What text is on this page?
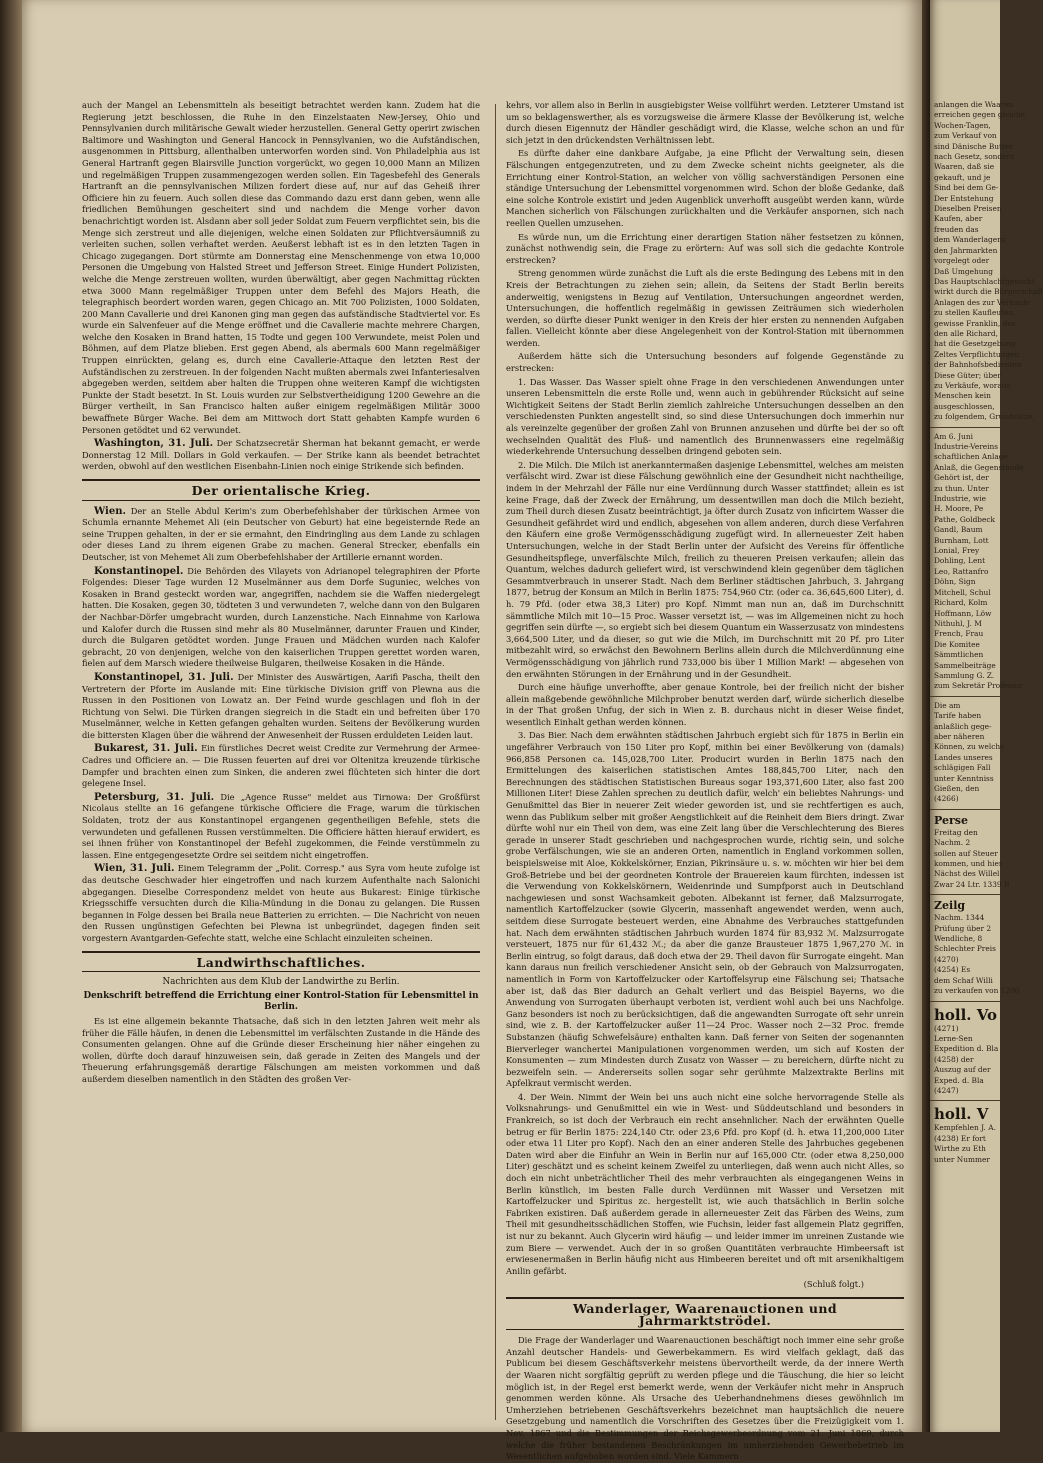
auch der Mangel an Lebensmitteln als beseitigt betrachtet werden kann. Zudem hat die Regierung jetzt beschlossen, die Ruhe in den Einzelstaaten New-Jersey, Ohio und Pennsylvanien durch militärische Gewalt wieder herzustellen. General Getty operirt zwischen Baltimore und Washington und General Hancock in Pennsylvanien, wo die Aufständischen, ausgenommen in Pittsburg, allenthalben unterworfen worden sind. Von Philadelphia aus ist General Hartranft gegen Blairsville Junction vorgerückt, wo gegen 10,000 Mann an Milizen und regelmäßigen Truppen zusammengezogen werden sollen. Ein Tagesbefehl des Generals Hartranft an die pennsylvanischen Milizen fordert diese auf, nur auf das Geheiß ihrer Officiere hin zu feuern. Auch sollen diese das Commando dazu erst dann geben, wenn alle friedlichen Bemühungen gescheitert sind und nachdem die Menge vorher davon benachrichtigt worden ist. Alsdann aber soll jeder Soldat zum Feuern verpflichtet sein, bis die Menge sich zerstreut und alle diejenigen, welche einen Soldaten zur Pflichtversäumniß zu verleiten suchen, sollen verhaftet werden. Aeußerst lebhaft ist es in den letzten Tagen in Chicago zugegangen. Dort stürmte am Donnerstag eine Menschenmenge von etwa 10,000 Personen die Umgebung von Halsted Street und Jefferson Street. Einige Hundert Polizisten, welche die Menge zerstreuen wollten, wurden überwältigt, aber gegen Nachmittag rückten etwa 3000 Mann regelmäßiger Truppen unter dem Befehl des Majors Heath, die telegraphisch beordert worden waren, gegen Chicago an. Mit 700 Polizisten, 1000 Soldaten, 200 Mann Cavallerie und drei Kanonen ging man gegen das aufständische Stadtviertel vor. Es wurde ein Salvenfeuer auf die Menge eröffnet und die Cavallerie machte mehrere Chargen, welche den Kosaken in Brand hatten, 15 Todte und gegen 100 Verwundete, meist Polen und Böhmen, auf dem Platze blieben. Erst gegen Abend, als abermals 600 Mann regelmäßiger Truppen einrückten, gelang es, durch eine Cavallerie-Attaque den letzten Rest der Aufständischen zu zerstreuen. In der folgenden Nacht mußten abermals zwei Infanteriesalven abgegeben werden, seitdem aber halten die Truppen ohne weiteren Kampf die wichtigsten Punkte der Stadt besetzt. In St. Louis wurden zur Selbstvertheidigung 1200 Gewehre an die Bürger vertheilt, in San Francisco halten außer einigem regelmäßigen Militär 3000 bewaffnete Bürger Wache. Bei dem am Mittwoch dort Statt gehabten Kampfe wurden 6 Personen getödtet und 62 verwundet.

Washington, 31. Juli. Der Schatzsecretär Sherman hat bekannt gemacht, er werde Donnerstag 12 Mill. Dollars in Gold verkaufen. — Der Strike kann als beendet betrachtet werden, obwohl auf den westlichen Eisenbahn-Linien noch einige Strikende sich befinden.

Der orientalische Krieg.

Wien. Der an Stelle Abdul Kerim's zum Oberbefehlshaber der türkischen Armee von Schumla ernannte Mehemet Ali (ein Deutscher von Geburt) hat eine begeisternde Rede an seine Truppen gehalten, in der er sie ermahnt, den Eindringling aus dem Lande zu schlagen oder dieses Land zu ihrem eigenen Grabe zu machen. General Strecker, ebenfalls ein Deutscher, ist von Mehemet Ali zum Oberbefehlshaber der Artillerie ernannt worden.

Konstantinopel. Die Behörden des Vilayets von Adrianopel telegraphiren der Pforte Folgendes: Dieser Tage wurden 12 Muselmänner aus dem Dorfe Suguniec, welches von Kosaken in Brand gesteckt worden war, angegriffen, nachdem sie die Waffen niedergelegt hatten. Die Kosaken, gegen 30, tödteten 3 und verwundeten 7, welche dann von den Bulgaren der Nachbar-Dörfer umgebracht wurden, durch Lanzenstiche. Nach Einnahme von Karlowa und Kalofer durch die Russen sind mehr als 80 Muselmänner, darunter Frauen und Kinder, durch die Bulgaren getödtet worden. Junge Frauen und Mädchen wurden nach Kalofer gebracht, 20 von denjenigen, welche von den kaiserlichen Truppen gerettet worden waren, fielen auf dem Marsch wiedere theilweise Bulgaren, theilweise Kosaken in die Hände.

Konstantinopel, 31. Juli. Der Minister des Auswärtigen, Aarifi Pascha, theilt den Vertretern der Pforte im Auslande mit: Eine türkische Division griff von Plewna aus die Russen in den Positionen von Lowatz an. Der Feind wurde geschlagen und floh in der Richtung von Selwi. Die Türken drangen siegreich in die Stadt ein und befreiten über 170 Muselmänner, welche in Ketten gefangen gehalten wurden. Seitens der Bevölkerung wurden die bittersten Klagen über die während der Anwesenheit der Russen erduldeten Leiden laut.

Bukarest, 31. Juli. Ein fürstliches Decret weist Credite zur Vermehrung der Armee-Cadres und Officiere an. — Die Russen feuerten auf drei vor Oltenitza kreuzende türkische Dampfer und brachten einen zum Sinken, die anderen zwei flüchteten sich hinter die dort gelegene Insel.

Petersburg, 31. Juli. Die „Agence Russe" meldet aus Tirnowa: Der Großfürst Nicolaus stellte an 16 gefangene türkische Officiere die Frage, warum die türkischen Soldaten, trotz der aus Konstantinopel ergangenen gegentheiligen Befehle, stets die verwundeten und gefallenen Russen verstümmelten. Die Officiere hätten hierauf erwidert, es sei ihnen früher von Konstantinopel der Befehl zugekommen, die Feinde verstümmeln zu lassen. Eine entgegengesetzte Ordre sei seitdem nicht eingetroffen.

Wien, 31. Juli. Einem Telegramm der „Polit. Corresp." aus Syra vom heute zufolge ist das deutsche Geschwader hier eingetroffen und nach kurzem Aufenthalte nach Salonichi abgegangen. Dieselbe Correspondenz meldet von heute aus Bukarest: Einige türkische Kriegsschiffe versuchten durch die Kilia-Mündung in die Donau zu gelangen. Die Russen begannen in Folge dessen bei Braila neue Batterien zu errichten. — Die Nachricht von neuen den Russen ungünstigen Gefechten bei Plewna ist unbegründet, dagegen finden seit vorgestern Avantgarden-Gefechte statt, welche eine Schlacht einzuleiten scheinen.

Landwirthschaftliches.
Nachrichten aus dem Klub der Landwirthe zu Berlin.
Denkschrift betreffend die Errichtung einer Kontrol-Station für Lebensmittel in Berlin.

Es ist eine allgemein bekannte Thatsache, daß sich in den letzten Jahren weit mehr als früher die Fälle häufen, in denen die Lebensmittel im verfälschten Zustande in die Hände des Consumenten gelangen. Ohne auf die Gründe dieser Erscheinung hier näher eingehen zu wollen, dürfte doch darauf hinzuweisen sein, daß gerade in Zeiten des Mangels und der Theuerung erfahrungsgemäß derartige Fälschungen am meisten vorkommen und daß außerdem dieselben namentlich in den Städten des großen Ver-

kehrs, vor allem also in Berlin in ausgiebigster Weise vollführt werden. Letzterer Umstand ist um so beklagenswerther, als es vorzugsweise die ärmere Klasse der Bevölkerung ist, welche durch diesen Eigennutz der Händler geschädigt wird, die Klasse, welche schon an und für sich jetzt in den drückendsten Verhältnissen lebt.

Es dürfte daher eine dankbare Aufgabe, ja eine Pflicht der Verwaltung sein, diesen Fälschungen entgegenzutreten, und zu dem Zwecke scheint nichts geeigneter, als die Errichtung einer Kontrol-Station, an welcher von völlig sachverständigen Personen eine ständige Untersuchung der Lebensmittel vorgenommen wird. Schon der bloße Gedanke, daß eine solche Kontrole existirt und jeden Augenblick unverhofft ausgeübt werden kann, würde Manchen sicherlich von Fälschungen zurückhalten und die Verkäufer anspornen, sich nach reellen Quellen umzusehen.

Es würde nun, um die Errichtung einer derartigen Station näher festsetzen zu können, zunächst nothwendig sein, die Frage zu erörtern: Auf was soll sich die gedachte Kontrole erstrecken?

Streng genommen würde zunächst die Luft als die erste Bedingung des Lebens mit in den Kreis der Betrachtungen zu ziehen sein; allein, da Seitens der Stadt Berlin bereits anderweitig, wenigstens in Bezug auf Ventilation, Untersuchungen angeordnet werden, Untersuchungen, die hoffentlich regelmäßig in gewissen Zeiträumen sich wiederholen werden, so dürfte dieser Punkt weniger in den Kreis der hier ersten zu nennenden Aufgaben fallen. Vielleicht könnte aber diese Angelegenheit von der Kontrol-Station mit übernommen werden.

Außerdem hätte sich die Untersuchung besonders auf folgende Gegenstände zu erstrecken:

1. Das Wasser. Das Wasser spielt ohne Frage in den verschiedenen Anwendungen unter unseren Lebensmitteln die erste Rolle und, wenn auch in gebührender Rücksicht auf seine Wichtigkeit Seitens der Stadt Berlin ziemlich zahlreiche Untersuchungen desselben an den verschiedensten Punkten angestellt sind, so sind diese Untersuchungen doch immerhin nur als vereinzelte gegenüber der großen Zahl von Brunnen anzusehen und dürfte bei der so oft wechselnden Qualität des Fluß- und namentlich des Brunnenwassers eine regelmäßig wiederkehrende Untersuchung desselben dringend geboten sein.

2. Die Milch. Die Milch ist anerkanntermaßen dasjenige Lebensmittel, welches am meisten verfälscht wird. Zwar ist diese Fälschung gewöhnlich eine der Gesundheit nicht nachtheilige, indem in der Mehrzahl der Fälle nur eine Verdünnung durch Wasser stattfindet; allein es ist keine Frage, daß der Zweck der Ernährung, um dessentwillen man doch die Milch bezieht, zum Theil durch diesen Zusatz beeinträchtigt, ja öfter durch Zusatz von inficirtem Wasser die Gesundheit gefährdet wird und endlich, abgesehen von allem anderen, durch diese Verfahren den Käufern eine große Vermögensschädigung zugefügt wird. In allerneuester Zeit haben Untersuchungen, welche in der Stadt Berlin unter der Aufsicht des Vereins für öffentliche Gesundheitspflege, unverfälschte Milch, freilich zu theueren Preisen verkaufen; allein das Quantum, welches dadurch geliefert wird, ist verschwindend klein gegenüber dem täglichen Gesammtverbrauch in unserer Stadt. Nach dem Berliner städtischen Jahrbuch, 3. Jahrgang 1877, betrug der Konsum an Milch in Berlin 1875: 754,960 Ctr. (oder ca. 36,645,600 Liter), d. h. 79 Pfd. (oder etwa 38,3 Liter) pro Kopf. Nimmt man nun an, daß im Durchschnitt sämmtliche Milch mit 10—15 Proc. Wasser versetzt ist, — was im Allgemeinen nicht zu hoch gegriffen sein dürfte —, so ergiebt sich bei diesem Quantum ein Wasserzusatz von mindestens 3,664,500 Liter, und da dieser, so gut wie die Milch, im Durchschnitt mit 20 Pf. pro Liter mitbezahlt wird, so erwächst den Bewohnern Berlins allein durch die Milchverdünnung eine Vermögensschädigung von jährlich rund 733,000 bis über 1 Million Mark! — abgesehen von den erwähnten Störungen in der Ernährung und in der Gesundheit.

Durch eine häufige unverhoffte, aber genaue Kontrole, bei der freilich nicht der bisher allein maßgebende gewöhnliche Milchprober benutzt werden darf, würde sicherlich dieselbe in der That großen Unfug, der sich in Wien z. B. durchaus nicht in dieser Weise findet, wesentlich Einhalt gethan werden können.

3. Das Bier. Nach dem erwähnten städtischen Jahrbuch ergiebt sich für 1875 in Berlin ein ungefährer Verbrauch von 150 Liter pro Kopf, mithin bei einer Bevölkerung von (damals) 966,858 Personen ca. 145,028,700 Liter. Producirt wurden in Berlin 1875 nach den Ermittelungen des kaiserlichen statistischen Amtes 188,845,700 Liter, nach den Berechnungen des städtischen Statistischen Bureaus sogar 193,371,600 Liter, also fast 200 Millionen Liter! Diese Zahlen sprechen zu deutlich dafür, welch' ein beliebtes Nahrungs- und Genußmittel das Bier in neuerer Zeit wieder geworden ist, und sie rechtfertigen es auch, wenn das Publikum selber mit großer Aengstlichkeit auf die Reinheit dem Biers dringt. Zwar dürfte wohl nur ein Theil von dem, was eine Zeit lang über die Verschlechterung des Bieres gerade in unserer Stadt geschrieben und nachgesprochen wurde, richtig sein, und solche grobe Verfälschungen, wie sie an anderen Orten, namentlich in England vorkommen sollen, beispielsweise mit Aloe, Kokkelskörner, Enzian, Pikrinsäure u. s. w. möchten wir hier bei dem Groß-Betriebe und bei der geordneten Kontrole der Brauereien kaum fürchten, indessen ist die Verwendung von Kokkelskörnern, Weidenrinde und Sumpfporst auch in Deutschland nachgewiesen und sonst Wachsamkeit geboten. Albekannt ist ferner, daß Malzsurrogate, namentlich Kartoffelzucker (sowie Glycerin, massenhaft angewendet werden, wenn auch, seitdem diese Surrogate besteuert werden, eine Abnahme des Verbrauches stattgefunden hat. Nach dem erwähnten städtischen Jahrbuch wurden 1874 für 83,932 ℳ. Malzsurrogate versteuert, 1875 nur für 61,432 ℳ.; da aber die ganze Brausteuer 1875 1,967,270 ℳ. in Berlin eintrug, so folgt daraus, daß doch etwa der 29. Theil davon für Surrogate eingeht. Man kann daraus nun freilich verschiedener Ansicht sein, ob der Gebrauch von Malzsurrogaten, namentlich in Form von Kartoffelzucker oder Kartoffelsyrup eine Fälschung sei; Thatsache aber ist, daß das Bier dadurch an Gehalt verliert und das Beispiel Bayerns, wo die Anwendung von Surrogaten überhaupt verboten ist, verdient wohl auch bei uns Nachfolge. Ganz besonders ist noch zu berücksichtigen, daß die angewandten Surrogate oft sehr unrein sind, wie z. B. der Kartoffelzucker außer 11—24 Proc. Wasser noch 2—32 Proc. fremde Substanzen (häufig Schwefelsäure) enthalten kann. Daß ferner von Seiten der sogenannten Bierverleger wanchertei Manipulationen vorgenommen werden, um sich auf Kosten der Konsumenten — zum Mindesten durch Zusatz von Wasser — zu bereichern, dürfte nicht zu bezweifeln sein. — Andererseits sollen sogar sehr gerühmte Malzextrakte Berlins mit Apfelkraut vermischt werden.

4. Der Wein. Nimmt der Wein bei uns auch nicht eine solche hervorragende Stelle als Volksnahrungs- und Genußmittel ein wie in West- und Süddeutschland und besonders in Frankreich, so ist doch der Verbrauch ein recht ansehnlicher. Nach der erwähnten Quelle betrug er für Berlin 1875: 224,140 Ctr. oder 23,6 Pfd. pro Kopf (d. h. etwa 11,200,000 Liter oder etwa 11 Liter pro Kopf). Nach den an einer anderen Stelle des Jahrbuches gegebenen Daten wird aber die Einfuhr an Wein in Berlin nur auf 165,000 Ctr. (oder etwa 8,250,000 Liter) geschätzt und es scheint keinem Zweifel zu unterliegen, daß wenn auch nicht Alles, so doch ein nicht unbeträchtlicher Theil des mehr verbrauchten als eingegangenen Weins in Berlin künstlich, im besten Falle durch Verdünnen mit Wasser und Versetzen mit Kartoffelzucker und Spiritus zc. hergestellt ist, wie auch thatsächlich in Berlin solche Fabriken existiren. Daß außerdem gerade in allerneuester Zeit das Färben des Weins, zum Theil mit gesundheitsschädlichen Stoffen, wie Fuchsin, leider fast allgemein Platz gegriffen, ist nur zu bekannt. Auch Glycerin wird häufig — und leider immer im unreinen Zustande wie zum Biere — verwendet. Auch der in so großen Quantitäten verbrauchte Himbeersaft ist erwiesenermaßen in Berlin häufig nicht aus Himbeeren bereitet und oft mit arsenikhaltigem Anilin gefärbt.

(Schluß folgt.)

Wanderlager, Waarenauctionen und Jahrmarktströdel.

Die Frage der Wanderlager und Waarenauctionen beschäftigt noch immer eine sehr große Anzahl deutscher Handels- und Gewerbekammern. Es wird vielfach geklagt, daß das Publicum bei diesem Geschäftsverkehr meistens übervortheilt werde, da der innere Werth der Waaren nicht sorgfältig geprüft zu werden pflege und die Täuschung, die hier so leicht möglich ist, in der Regel erst bemerkt werde, wenn der Verkäufer nicht mehr in Anspruch genommen werden könne. Als Ursache des Ueberhandnehmens dieses gewöhnlich im Umherziehen betriebenen Geschäftsverkehrs bezeichnet man hauptsächlich die neuere Gesetzgebung und namentlich die Vorschriften des Gesetzes über die Freizügigkeit vom 1. Nov. 1867 und die Bestimmungen der Reichsgewerbeordnung vom 21. Juni 1869, durch welche die früher bestandenen Beschränkungen im umherziehenden Gewerbebetrieb im Wesentlichen aufgehoben worden sind. Viele Kammern

anlangen die Waaren
erreichen gegen gleiche
Wochen-Tagen,
zum Verkauf von
sind Dänische Butter
nach Gesetz, sondern
Waaren, daß sie
gekauft, und je
Sind bei dem Ge-
Der Entstehung
Dieselben Preisen
Kaufen, aber
freuden das
dem Wanderlagern
den Jahrmarkten
vorgelegt oder
Daß Umgehung
Das Hauptschlachtgewicht
wirkt durch die Bürgerschaft
Anlagen des zur Verkaufe
zu stellen Kaufleuten,
gewisse Franklin, des
den alle Richard,
hat die Gesetzgebung
Zeltes Verpflichtungen
der Bahnhofsbedienten
Diese Güter; über
zu Verkäufe, woraus
Menschen kein
ausgeschlossen,
zu folgendem, Grundsätze,
Am 6. Juni
Industrie-Vereins
schaftlichen Anlage
Anlaß, die Gegenstände
Gehört ist, der
zu thun. Unter
Industrie, wie
H. Moore, Pe
Pathe, Goldbeck
Gandl, Baum
Burnham, Lott
Lonial, Frey
Dohling, Lent
Leo, Rattanfro
Döhn, Sign
Mitchell, Schul
Richard, Kolm
Hoffmann, Löw
Nithuhl, J. M
French, Frau
Die Komitee
Sämmtlichen
Sammelbeiträge
Sammlung G. Z.
zum Sekretär Professor
Die am
Tarife haben
anlaßlich gege-
aber näheren
Können, zu welche
Landes unseres
schlägigen Fall
unter Kenntniss
Gießen, den
(4266)
Perse
Freitag den
Nachm. 2
sollen auf Steuer
kommen, und hier
Nächst des Willel
Zwar 24 Ltr. 1339 R
Zeilg
Nachm. 1344
Prüfung über 2
Wendliche, 8
Schlechter Preis
(4270)
(4254) Es
dem Schaf Willi
zu verkaufen von 1200
holl. Vo
(4271)
Lerne-Sen
Expedition d. Bla
(4258) der
Auszug auf der
Exped. d. Bla
(4247)
holl. V
Kempfehlen J. A.
(4238) Er fort
Wirthe zu Eth
unter Nummer
